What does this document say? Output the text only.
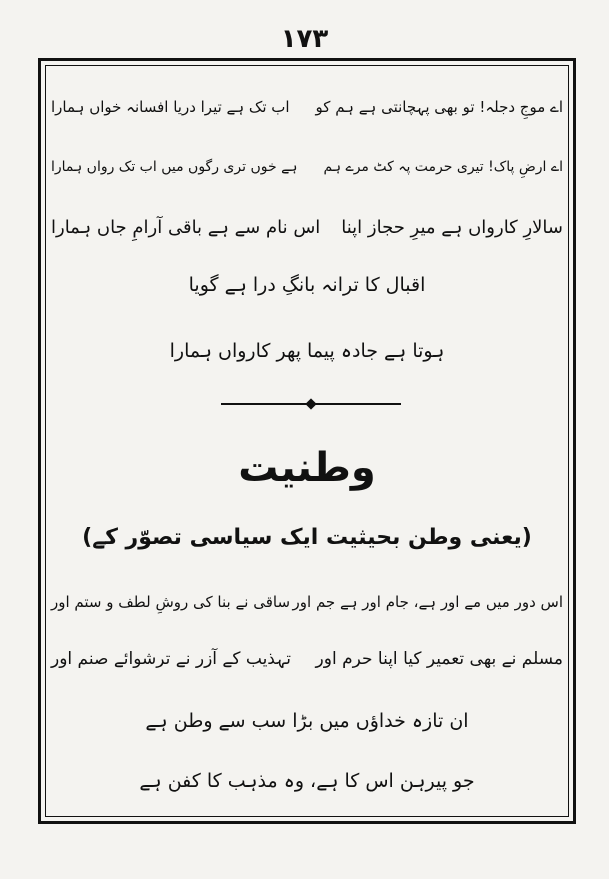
۱۷۳
اے موجِ دجلہ! تو بھی پہچانتی ہے ہم کو
اب تک ہے تیرا دریا افسانہ خواں ہمارا
اے ارضِ پاک! تیری حرمت پہ کٹ مرے ہم
ہے خوں تری رگوں میں اب تک رواں ہمارا
سالارِ کارواں ہے میرِ حجاز اپنا
اس نام سے ہے باقی آرامِ جاں ہمارا
اقبال کا ترانہ بانگِ درا ہے گویا
ہوتا ہے جادہ پیما پھر کارواں ہمارا
وطنیت
(یعنی وطن بحیثیت ایک سیاسی تصوّر کے)
اس دور میں مے اور ہے، جام اور ہے جم اور
ساقی نے بنا کی روشِ لطف و ستم اور
مسلم نے بھی تعمیر کیا اپنا حرم اور
تہذیب کے آزر نے ترشوائے صنم اور
ان تازہ خداؤں میں بڑا سب سے وطن ہے
جو پیرہن اس کا ہے، وہ مذہب کا کفن ہے
